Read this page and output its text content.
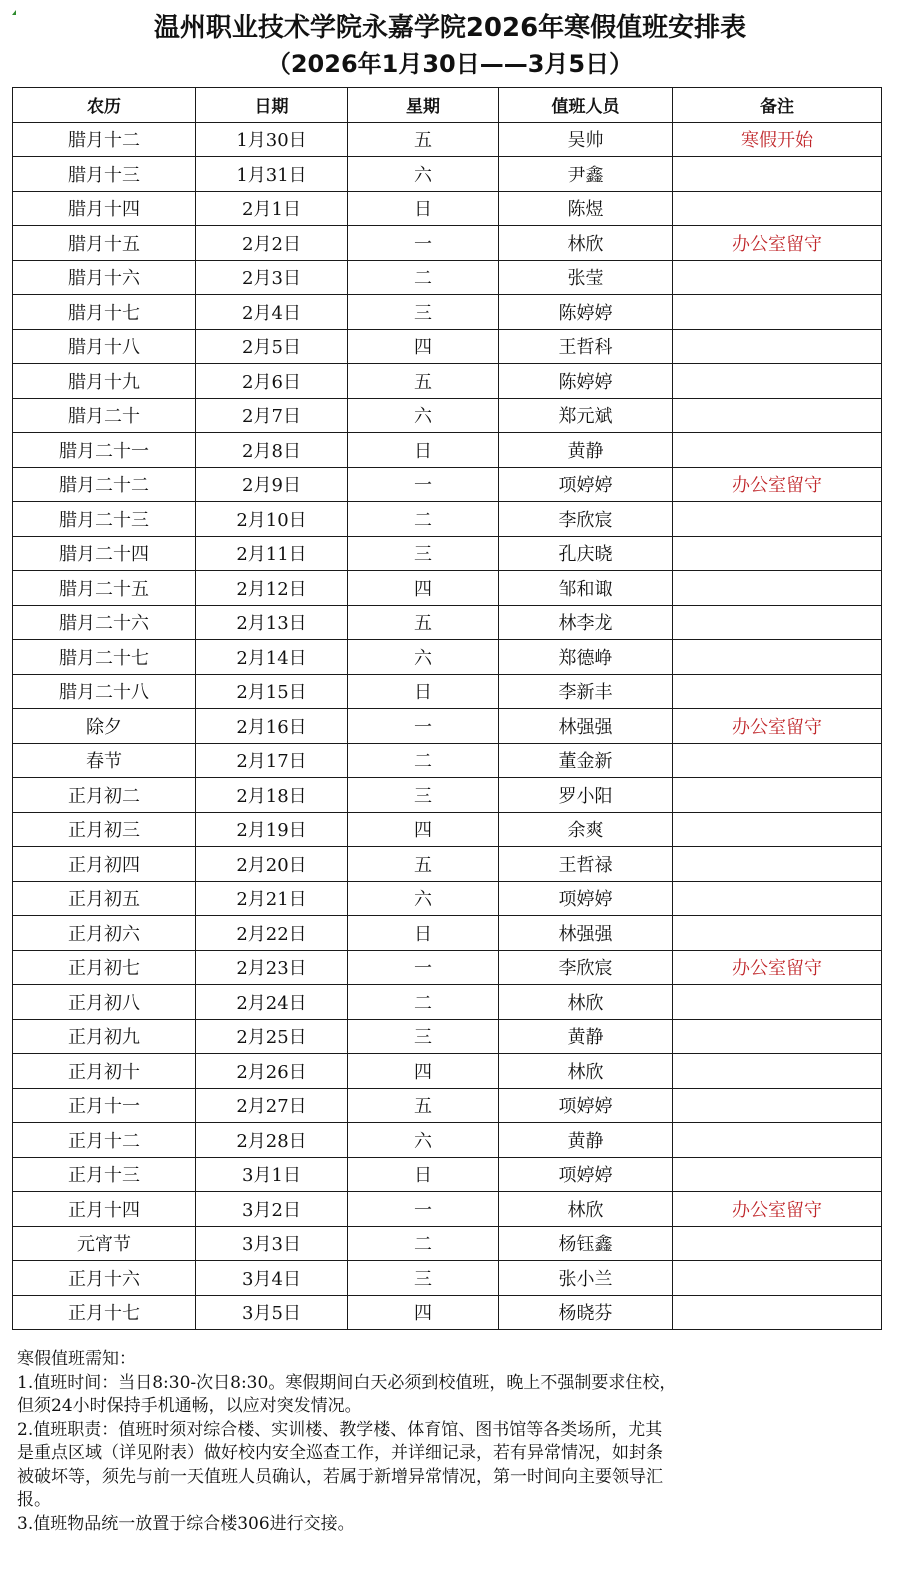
温州职业技术学院永嘉学院2026年寒假值班安排表
（2026年1月30日——3月5日）
农历	日期	星期	值班人员	备注
腊月十二	1月30日	五	吴帅	寒假开始
腊月十三	1月31日	六	尹鑫	
腊月十四	2月1日	日	陈煜	
腊月十五	2月2日	一	林欣	办公室留守
腊月十六	2月3日	二	张莹	
腊月十七	2月4日	三	陈婷婷	
腊月十八	2月5日	四	王哲科	
腊月十九	2月6日	五	陈婷婷	
腊月二十	2月7日	六	郑元斌	
腊月二十一	2月8日	日	黄静	
腊月二十二	2月9日	一	项婷婷	办公室留守
腊月二十三	2月10日	二	李欣宸	
腊月二十四	2月11日	三	孔庆晓	
腊月二十五	2月12日	四	邹和诹	
腊月二十六	2月13日	五	林李龙	
腊月二十七	2月14日	六	郑德峥	
腊月二十八	2月15日	日	李新丰	
除夕	2月16日	一	林强强	办公室留守
春节	2月17日	二	董金新	
正月初二	2月18日	三	罗小阳	
正月初三	2月19日	四	余爽	
正月初四	2月20日	五	王哲禄	
正月初五	2月21日	六	项婷婷	
正月初六	2月22日	日	林强强	
正月初七	2月23日	一	李欣宸	办公室留守
正月初八	2月24日	二	林欣	
正月初九	2月25日	三	黄静	
正月初十	2月26日	四	林欣	
正月十一	2月27日	五	项婷婷	
正月十二	2月28日	六	黄静	
正月十三	3月1日	日	项婷婷	
正月十四	3月2日	一	林欣	办公室留守
元宵节	3月3日	二	杨钰鑫	
正月十六	3月4日	三	张小兰	
正月十七	3月5日	四	杨晓芬	

寒假值班需知：

1.值班时间：当日8:30-次日8:30。寒假期间白天必须到校值班，晚上不强制要求住校，

但须24小时保持手机通畅，以应对突发情况。

2.值班职责：值班时须对综合楼、实训楼、教学楼、体育馆、图书馆等各类场所，尤其

是重点区域（详见附表）做好校内安全巡查工作，并详细记录，若有异常情况，如封条

被破坏等，须先与前一天值班人员确认，若属于新增异常情况，第一时间向主要领导汇

报。

3.值班物品统一放置于综合楼306进行交接。
